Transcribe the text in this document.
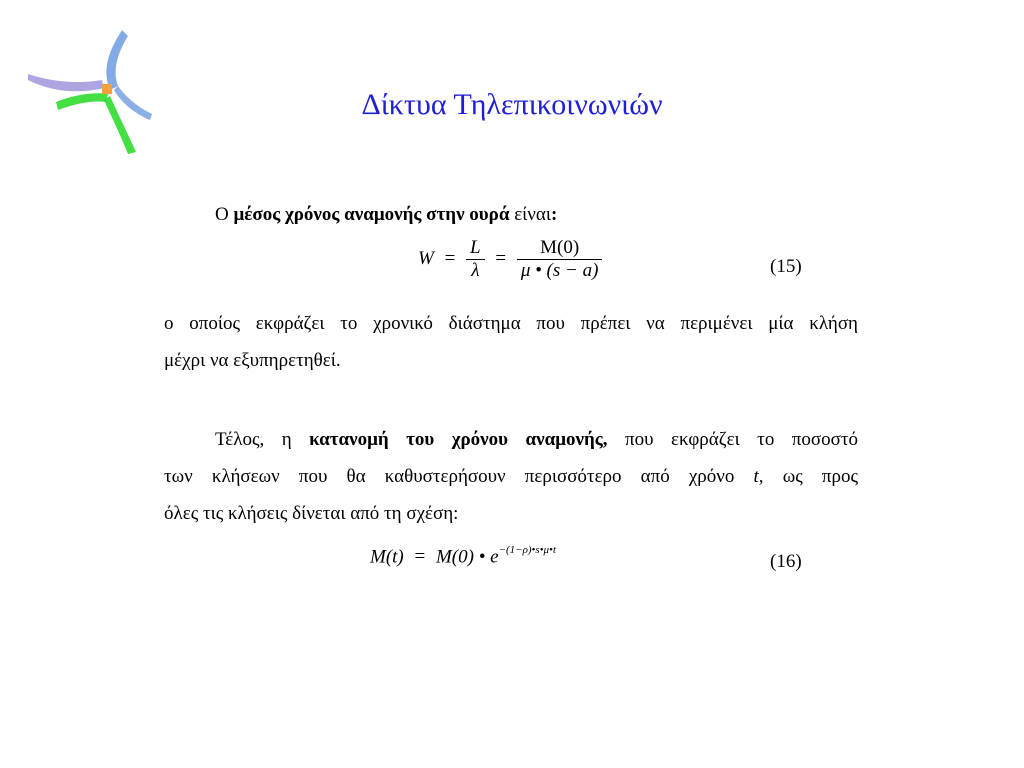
Δίκτυα Τηλεπικοινωνιών

Ο μέσος χρόνος αναμονής στην ουρά είναι:

$W = \frac{L}{\lambda} = \frac{M(0)}{\mu • (s - a)}$	(15)
ο οποίος εκφράζει το χρονικό διάστημα που πρέπει να περιμένει μία κλήση
μέχρι να εξυπηρετηθεί.
Τέλος, η κατανομή του χρόνου αναμονής, που εκφράζει το ποσοστό
των κλήσεων που θα καθυστερήσουν περισσότερο από χρόνο t, ως προς
όλες τις κλήσεις δίνεται από τη σχέση:
M(t) = M(0) • $e^{-(1-\rho)•s•\mu•t}$
(16)
